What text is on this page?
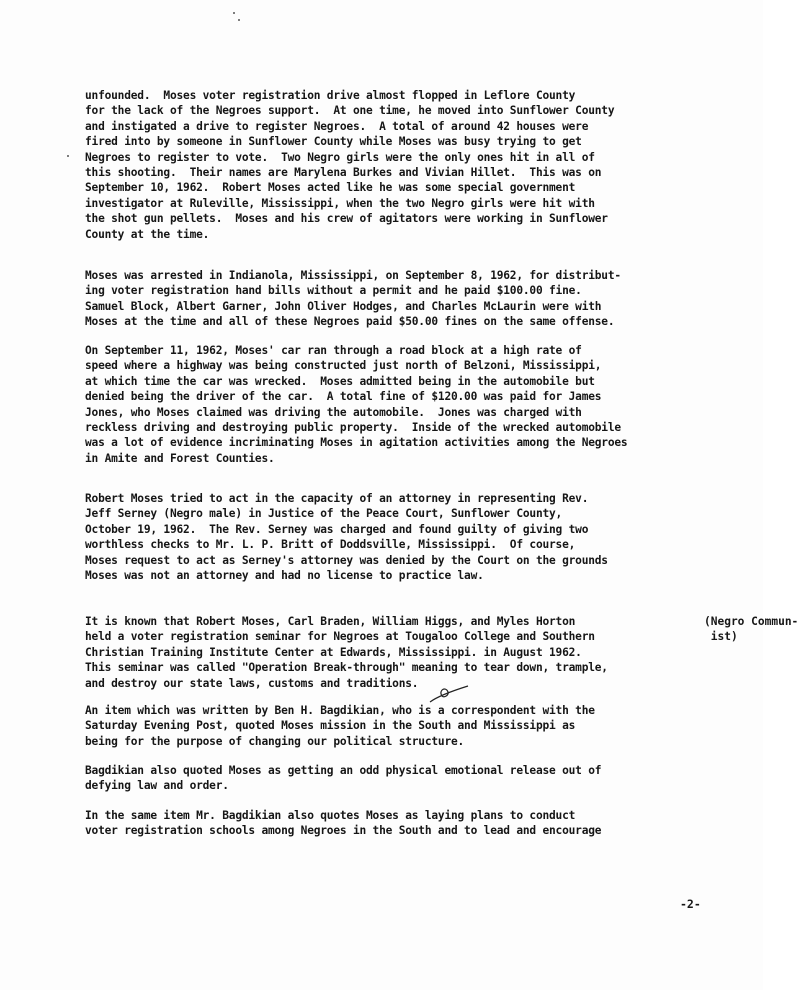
unfounded.  Moses voter registration drive almost flopped in Leflore County
for the lack of the Negroes support.  At one time, he moved into Sunflower County
and instigated a drive to register Negroes.  A total of around 42 houses were
fired into by someone in Sunflower County while Moses was busy trying to get
Negroes to register to vote.  Two Negro girls were the only ones hit in all of
this shooting.  Their names are Marylena Burkes and Vivian Hillet.  This was on
September 10, 1962.  Robert Moses acted like he was some special government
investigator at Ruleville, Mississippi, when the two Negro girls were hit with
the shot gun pellets.  Moses and his crew of agitators were working in Sunflower
County at the time.

Moses was arrested in Indianola, Mississippi, on September 8, 1962, for distribut-
ing voter registration hand bills without a permit and he paid $100.00 fine.
Samuel Block, Albert Garner, John Oliver Hodges, and Charles McLaurin were with
Moses at the time and all of these Negroes paid $50.00 fines on the same offense.

On September 11, 1962, Moses' car ran through a road block at a high rate of
speed where a highway was being constructed just north of Belzoni, Mississippi,
at which time the car was wrecked.  Moses admitted being in the automobile but
denied being the driver of the car.  A total fine of $120.00 was paid for James
Jones, who Moses claimed was driving the automobile.  Jones was charged with
reckless driving and destroying public property.  Inside of the wrecked automobile
was a lot of evidence incriminating Moses in agitation activities among the Negroes
in Amite and Forest Counties.

Robert Moses tried to act in the capacity of an attorney in representing Rev.
Jeff Serney (Negro male) in Justice of the Peace Court, Sunflower County,
October 19, 1962.  The Rev. Serney was charged and found guilty of giving two
worthless checks to Mr. L. P. Britt of Doddsville, Mississippi.  Of course,
Moses request to act as Serney's attorney was denied by the Court on the grounds
Moses was not an attorney and had no license to practice law.

It is known that Robert Moses, Carl Braden, William Higgs, and Myles Horton
held a voter registration seminar for Negroes at Tougaloo College and Southern
Christian Training Institute Center at Edwards, Mississippi. in August 1962.
This seminar was called "Operation Break-through" meaning to tear down, trample,
and destroy our state laws, customs and traditions.

(Negro Commun-
ist)

An item which was written by Ben H. Bagdikian, who is a correspondent with the
Saturday Evening Post, quoted Moses mission in the South and Mississippi as
being for the purpose of changing our political structure.

Bagdikian also quoted Moses as getting an odd physical emotional release out of
defying law and order.

In the same item Mr. Bagdikian also quotes Moses as laying plans to conduct
voter registration schools among Negroes in the South and to lead and encourage

-2-
